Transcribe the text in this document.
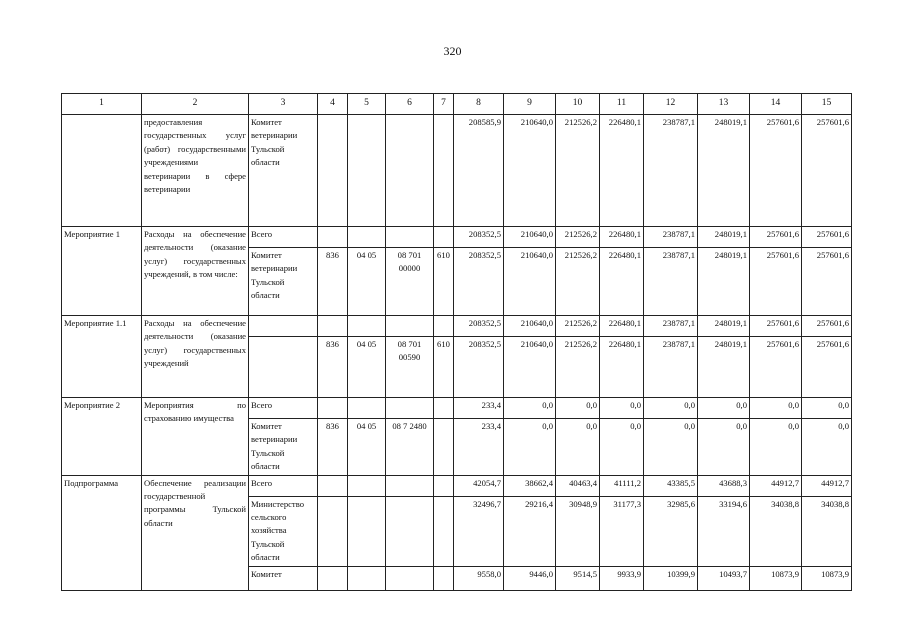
320
1	2	3	4	5	6	7	8	9	10	11	12	13	14	15
	предоставления государственных услуг (работ) государственными учреждениями ветеринарии в сфере ветеринарии	Комитет ветеринарии Тульской области					208585,9	210640,0	212526,2	226480,1	238787,1	248019,1	257601,6	257601,6
Мероприятие 1	Расходы на обеспечение деятельности (оказание услуг) государственных учреждений, в том числе:	Всего					208352,5	210640,0	212526,2	226480,1	238787,1	248019,1	257601,6	257601,6
		Комитет ветеринарии Тульской области	836	04 05	08 701 00000	610	208352,5	210640,0	212526,2	226480,1	238787,1	248019,1	257601,6	257601,6
Мероприятие 1.1	Расходы на обеспечение деятельности (оказание услуг) государственных учреждений						208352,5	210640,0	212526,2	226480,1	238787,1	248019,1	257601,6	257601,6
			836	04 05	08 701 00590	610	208352,5	210640,0	212526,2	226480,1	238787,1	248019,1	257601,6	257601,6
Мероприятие 2	Мероприятия по страхованию имущества	Всего					233,4	0,0	0,0	0,0	0,0	0,0	0,0	0,0
		Комитет ветеринарии Тульской области	836	04 05	08 7 2480		233,4	0,0	0,0	0,0	0,0	0,0	0,0	0,0
Подпрограмма	Обеспечение реализации государственной программы Тульской области	Всего					42054,7	38662,4	40463,4	41111,2	43385,5	43688,3	44912,7	44912,7
		Министерство сельского хозяйства Тульской области					32496,7	29216,4	30948,9	31177,3	32985,6	33194,6	34038,8	34038,8
		Комитет					9558,0	9446,0	9514,5	9933,9	10399,9	10493,7	10873,9	10873,9
